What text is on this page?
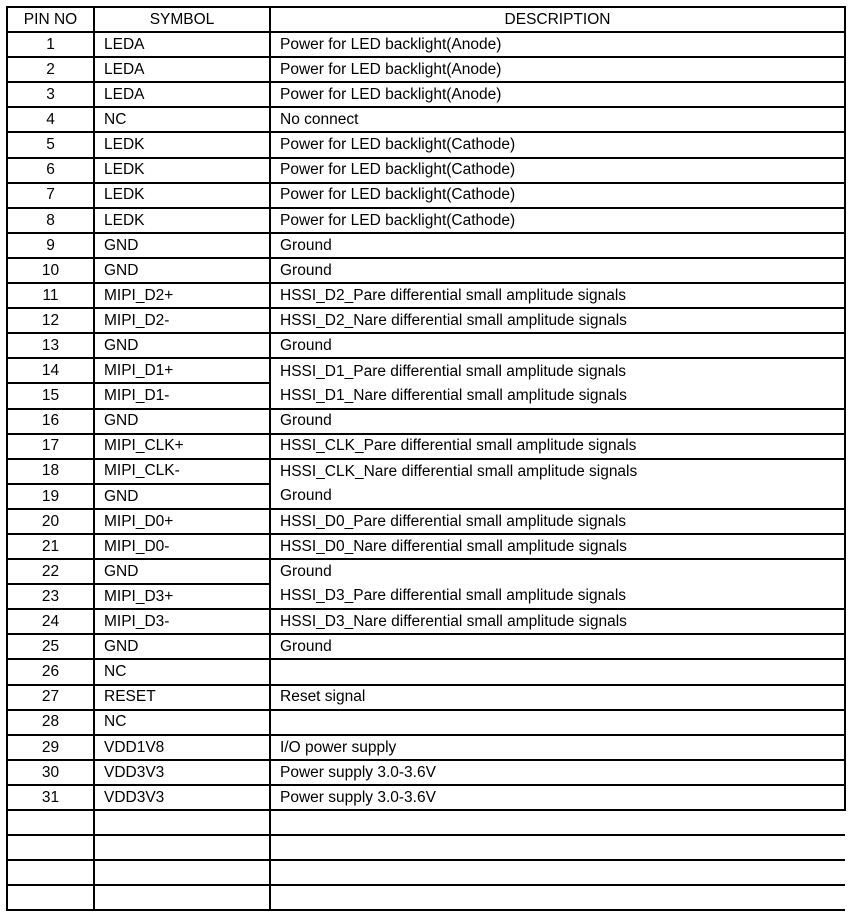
PIN NO	SYMBOL	DESCRIPTION
1	LEDA	Power for LED backlight(Anode)
2	LEDA	Power for LED backlight(Anode)
3	LEDA	Power for LED backlight(Anode)
4	NC	No connect
5	LEDK	Power for LED backlight(Cathode)
6	LEDK	Power for LED backlight(Cathode)
7	LEDK	Power for LED backlight(Cathode)
8	LEDK	Power for LED backlight(Cathode)
9	GND	Ground
10	GND	Ground
11	MIPI_D2+	HSSI_D2_Pare differential small amplitude signals
12	MIPI_D2-	HSSI_D2_Nare differential small amplitude signals
13	GND	Ground
14	MIPI_D1+	HSSI_D1_Pare differential small amplitude signals
15	MIPI_D1-	HSSI_D1_Nare differential small amplitude signals
16	GND	Ground
17	MIPI_CLK+	HSSI_CLK_Pare differential small amplitude signals
18	MIPI_CLK-	HSSI_CLK_Nare differential small amplitude signals
19	GND	Ground
20	MIPI_D0+	HSSI_D0_Pare differential small amplitude signals
21	MIPI_D0-	HSSI_D0_Nare differential small amplitude signals
22	GND	Ground
23	MIPI_D3+	HSSI_D3_Pare differential small amplitude signals
24	MIPI_D3-	HSSI_D3_Nare differential small amplitude signals
25	GND	Ground
26	NC	
27	RESET	Reset signal
28	NC	
29	VDD1V8	I/O power supply
30	VDD3V3	Power supply 3.0-3.6V
31	VDD3V3	Power supply 3.0-3.6V
